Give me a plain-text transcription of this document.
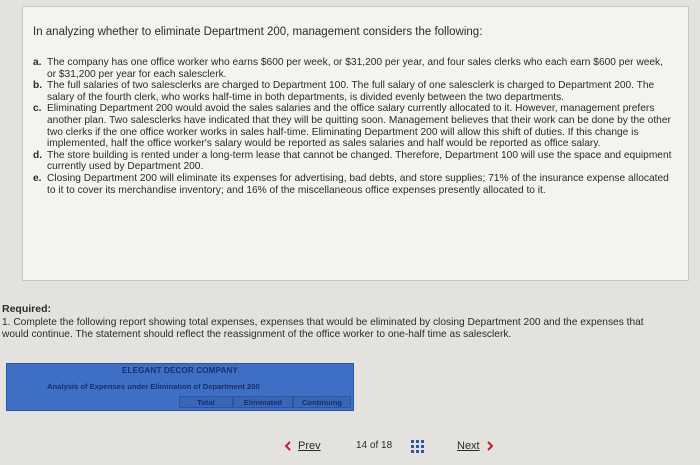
In analyzing whether to eliminate Department 200, management considers the following:
a. The company has one office worker who earns $600 per week, or $31,200 per year, and four sales clerks who each earn $600 per week, or $31,200 per year for each salesclerk.
b. The full salaries of two salesclerks are charged to Department 100. The full salary of one salesclerk is charged to Department 200. The salary of the fourth clerk, who works half-time in both departments, is divided evenly between the two departments.
c. Eliminating Department 200 would avoid the sales salaries and the office salary currently allocated to it. However, management prefers another plan. Two salesclerks have indicated that they will be quitting soon. Management believes that their work can be done by the other two clerks if the one office worker works in sales half-time. Eliminating Department 200 will allow this shift of duties. If this change is implemented, half the office worker's salary would be reported as sales salaries and half would be reported as office salary.
d. The store building is rented under a long-term lease that cannot be changed. Therefore, Department 100 will use the space and equipment currently used by Department 200.
e. Closing Department 200 will eliminate its expenses for advertising, bad debts, and store supplies; 71% of the insurance expense allocated to it to cover its merchandise inventory; and 16% of the miscellaneous office expenses presently allocated to it.
Required:
1. Complete the following report showing total expenses, expenses that would be eliminated by closing Department 200 and the expenses that would continue. The statement should reflect the reassignment of the office worker to one-half time as salesclerk.
ELEGANT DECOR COMPANY
Analysis of Expenses under Elimination of Department 200
Total	Eliminated	Continuing
Prev	14 of 18	Next
